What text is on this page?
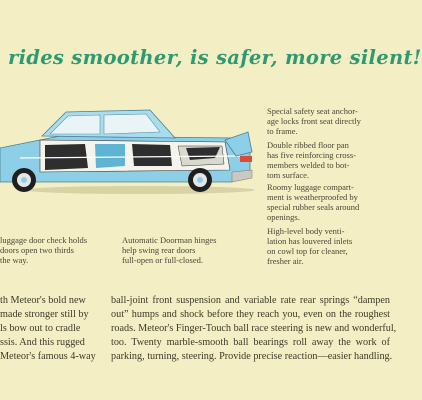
rides smoother, is safer, more silent!

Special safety seat anchor-
age locks front seat directly
to frame.

Double ribbed floor pan
has five reinforcing cross-
members welded to bot-
tom surface.

Roomy luggage compart-
ment is weatherproofed by
special rubber seals around
openings.

High-level body venti-
lation has louvered inlets
on cowl top for cleaner,
fresher air.

luggage door check holds
doors open two thirds
the way.

Automatic Doorman hinges
help swing rear doors
full-open or full-closed.

th Meteor's bold new

made stronger still by

ls bow out to cradle

ssis. And this rugged

Meteor's famous 4-way

ball-joint front suspension and variable rate rear springs “dampen

out” humps and shock before they reach you, even on the roughest

roads. Meteor's Finger-Touch ball race steering is new and wonderful,

too. Twenty marble-smooth ball bearings roll away the work of

parking, turning, steering. Provide precise reaction—easier handling.
